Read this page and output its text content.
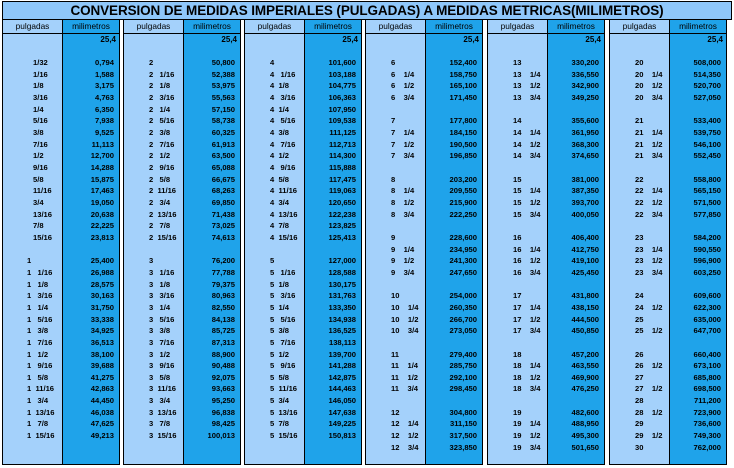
CONVERSION DE MEDIDAS IMPERIALES (PULGADAS) A MEDIDAS METRICAS(MILIMETROS)
pulgadas	milimetros
25,4
1/32	0,794
1/16	1,588
1/8	3,175
3/16	4,763
1/4	6,350
5/16	7,938
3/8	9,525
7/16	11,113
1/2	12,700
9/16	14,288
5/8	15,875
11/16	17,463
3/4	19,050
13/16	20,638
7/8	22,225
15/16	23,813
1	25,400
1   1/16	26,988
1   1/8	28,575
1   3/16	30,163
1   1/4	31,750
1   5/16	33,338
1   3/8	34,925
1   7/16	36,513
1   1/2	38,100
1   9/16	39,688
1   5/8	41,275
1  11/16	42,863
1   3/4	44,450
1  13/16	46,038
1   7/8	47,625
1  15/16	49,213
pulgadas	milimetros
25,4
2	50,800
2   1/16	52,388
2   1/8	53,975
2   3/16	55,563
2   1/4	57,150
2   5/16	58,738
2   3/8	60,325
2   7/16	61,913
2   1/2	63,500
2   9/16	65,088
2   5/8	66,675
2  11/16	68,263
2   3/4	69,850
2  13/16	71,438
2   7/8	73,025
2  15/16	74,613
3	76,200
3   1/16	77,788
3   1/8	79,375
3   3/16	80,963
3   1/4	82,550
3   5/16	84,138
3   3/8	85,725
3   7/16	87,313
3   1/2	88,900
3   9/16	90,488
3   5/8	92,075
3  11/16	93,663
3   3/4	95,250
3  13/16	96,838
3   7/8	98,425
3  15/16	100,013
pulgadas	milimetros
25,4
4	101,600
4   1/16	103,188
4  1/8	104,775
4   3/16	106,363
4  1/4	107,950
4   5/16	109,538
4  3/8	111,125
4   7/16	112,713
4  1/2	114,300
4   9/16	115,888
4  5/8	117,475
4  11/16	119,063
4  3/4	120,650
4  13/16	122,238
4  7/8	123,825
4  15/16	125,413
5	127,000
5   1/16	128,588
5  1/8	130,175
5   3/16	131,763
5  1/4	133,350
5   5/16	134,938
5  3/8	136,525
5   7/16	138,113
5  1/2	139,700
5   9/16	141,288
5  5/8	142,875
5  11/16	144,463
5  3/4	146,050
5  13/16	147,638
5  7/8	149,225
5  15/16	150,813
pulgadas	milimetros
25,4
6	152,400
6    1/4	158,750
6    1/2	165,100
6    3/4	171,450
7	177,800
7    1/4	184,150
7    1/2	190,500
7    3/4	196,850
8	203,200
8    1/4	209,550
8    1/2	215,900
8    3/4	222,250
9	228,600
9    1/4	234,950
9    1/2	241,300
9    3/4	247,650
10	254,000
10    1/4	260,350
10    1/2	266,700
10    3/4	273,050
11	279,400
11    1/4	285,750
11    1/2	292,100
11    3/4	298,450
12	304,800
12    1/4	311,150
12    1/2	317,500
12    3/4	323,850
pulgadas	milimetros
25,4
13	330,200
13    1/4	336,550
13    1/2	342,900
13    3/4	349,250
14	355,600
14    1/4	361,950
14    1/2	368,300
14    3/4	374,650
15	381,000
15    1/4	387,350
15    1/2	393,700
15    3/4	400,050
16	406,400
16    1/4	412,750
16    1/2	419,100
16    3/4	425,450
17	431,800
17    1/4	438,150
17    1/2	444,500
17    3/4	450,850
18	457,200
18    1/4	463,550
18    1/2	469,900
18    3/4	476,250
19	482,600
19    1/4	488,950
19    1/2	495,300
19    3/4	501,650
pulgadas	milimetros
25,4
20	508,000
20    1/4	514,350
20    1/2	520,700
20    3/4	527,050
21	533,400
21    1/4	539,750
21    1/2	546,100
21    3/4	552,450
22	558,800
22    1/4	565,150
22    1/2	571,500
22    3/4	577,850
23	584,200
23    1/4	590,550
23    1/2	596,900
23    3/4	603,250
24	609,600
24    1/2	622,300
25	635,000
25    1/2	647,700
26	660,400
26    1/2	673,100
27	685,800
27    1/2	698,500
28	711,200
28    1/2	723,900
29	736,600
29    1/2	749,300
30	762,000
